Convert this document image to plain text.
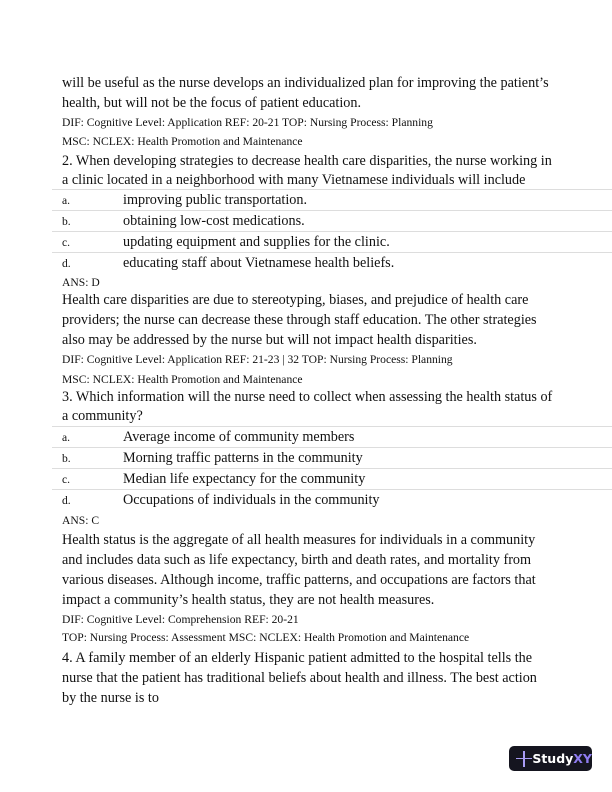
will be useful as the nurse develops an individualized plan for improving the patient’s
health, but will not be the focus of patient education.
DIF: Cognitive Level: Application REF: 20-21 TOP: Nursing Process: Planning
MSC: NCLEX: Health Promotion and Maintenance
2. When developing strategies to decrease health care disparities, the nurse working in
a clinic located in a neighborhood with many Vietnamese individuals will include
a.	improving public transportation.
b.	obtaining low-cost medications.
c.	updating equipment and supplies for the clinic.
d.	educating staff about Vietnamese health beliefs.
ANS: D
Health care disparities are due to stereotyping, biases, and prejudice of health care
providers; the nurse can decrease these through staff education. The other strategies
also may be addressed by the nurse but will not impact health disparities.
DIF: Cognitive Level: Application REF: 21-23 | 32 TOP: Nursing Process: Planning
MSC: NCLEX: Health Promotion and Maintenance
3. Which information will the nurse need to collect when assessing the health status of
a community?
a.	Average income of community members
b.	Morning traffic patterns in the community
c.	Median life expectancy for the community
d.	Occupations of individuals in the community
ANS: C
Health status is the aggregate of all health measures for individuals in a community
and includes data such as life expectancy, birth and death rates, and mortality from
various diseases. Although income, traffic patterns, and occupations are factors that
impact a community’s health status, they are not health measures.
DIF: Cognitive Level: Comprehension REF: 20-21
TOP: Nursing Process: Assessment MSC: NCLEX: Health Promotion and Maintenance
4. A family member of an elderly Hispanic patient admitted to the hospital tells the
nurse that the patient has traditional beliefs about health and illness. The best action
by the nurse is to
StudyXY
